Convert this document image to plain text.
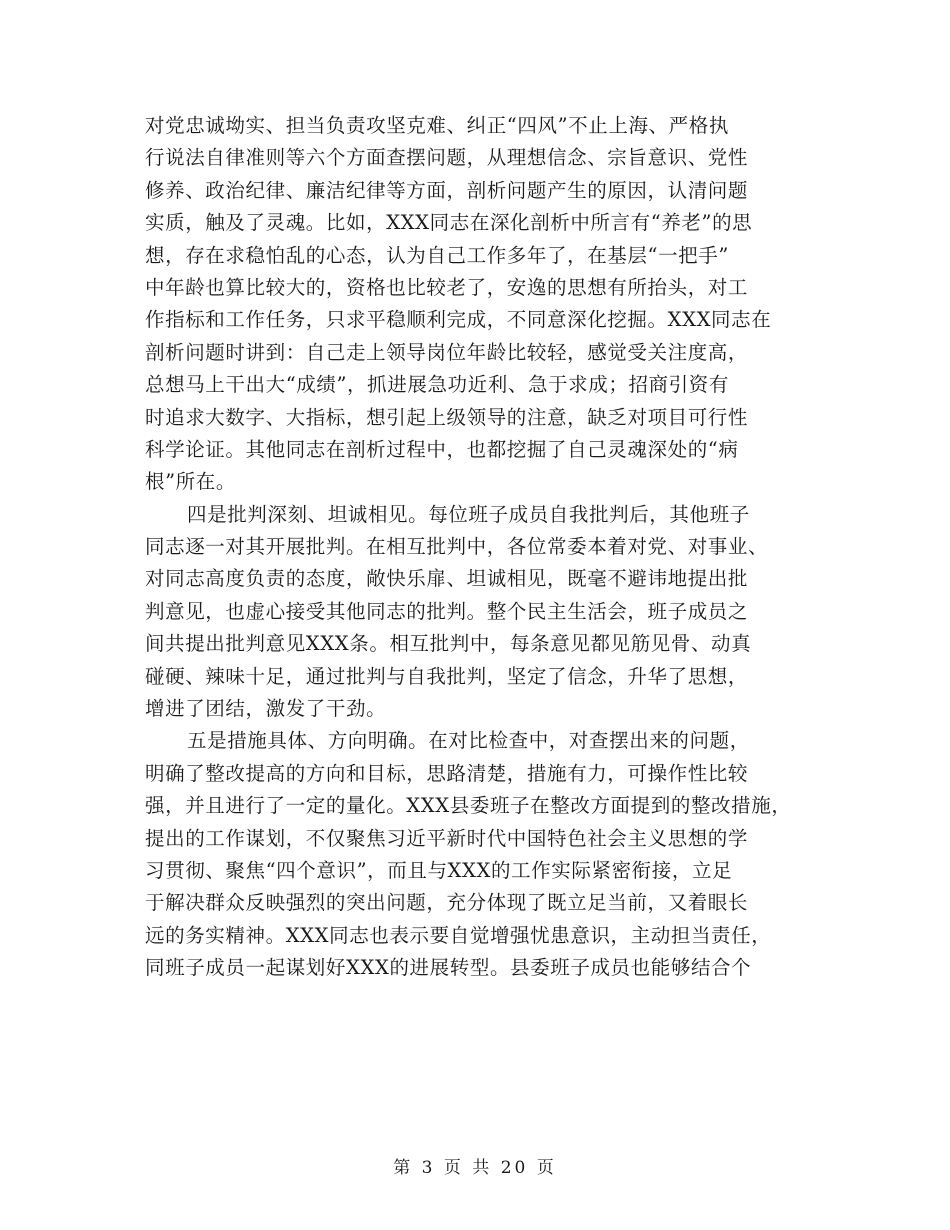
对党忠诚坳实、担当负责攻坚克难、纠正“四风”不止上海、严格执
行说法自律准则等六个方面查摆问题，从理想信念、宗旨意识、党性
修养、政治纪律、廉洁纪律等方面，剖析问题产生的原因，认清问题
实质，触及了灵魂。比如，XXX同志在深化剖析中所言有“养老”的思
想，存在求稳怕乱的心态，认为自己工作多年了，在基层“一把手”
中年龄也算比较大的，资格也比较老了，安逸的思想有所抬头，对工
作指标和工作任务，只求平稳顺利完成，不同意深化挖掘。XXX同志在
剖析问题时讲到：自己走上领导岗位年龄比较轻，感觉受关注度高，
总想马上干出大“成绩”，抓进展急功近利、急于求成；招商引资有
时追求大数字、大指标，想引起上级领导的注意，缺乏对项目可行性
科学论证。其他同志在剖析过程中，也都挖掘了自己灵魂深处的“病
根”所在。
四是批判深刻、坦诚相见。每位班子成员自我批判后，其他班子
同志逐一对其开展批判。在相互批判中，各位常委本着对党、对事业、
对同志高度负责的态度，敞快乐扉、坦诚相见，既毫不避讳地提出批
判意见，也虚心接受其他同志的批判。整个民主生活会，班子成员之
间共提出批判意见XXX条。相互批判中，每条意见都见筋见骨、动真
碰硬、辣味十足，通过批判与自我批判，坚定了信念，升华了思想，
增进了团结，激发了干劲。
五是措施具体、方向明确。在对比检查中，对查摆出来的问题，
明确了整改提高的方向和目标，思路清楚，措施有力，可操作性比较
强，并且进行了一定的量化。XXX县委班子在整改方面提到的整改措施，
提出的工作谋划，不仅聚焦习近平新时代中国特色社会主义思想的学
习贯彻、聚焦“四个意识”，而且与XXX的工作实际紧密衔接，立足
于解决群众反映强烈的突出问题，充分体现了既立足当前，又着眼长
远的务实精神。XXX同志也表示要自觉增强忧患意识，主动担当责任，
同班子成员一起谋划好XXX的进展转型。县委班子成员也能够结合个
第 3 页 共 20 页
